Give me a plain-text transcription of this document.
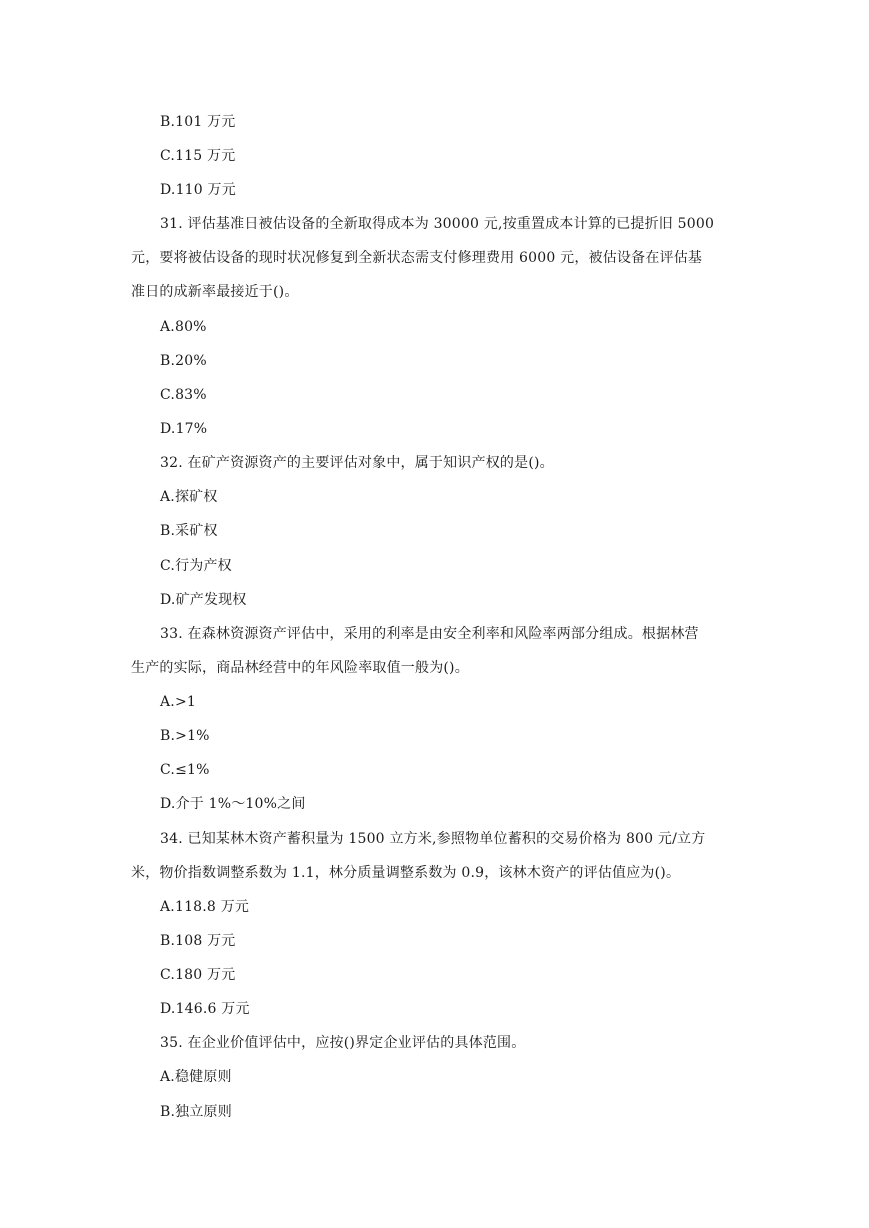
B.101 万元
C.115 万元
D.110 万元
31. 评估基准日被估设备的全新取得成本为 30000 元,按重置成本计算的已提折旧 5000
元，要将被估设备的现时状况修复到全新状态需支付修理费用 6000 元，被估设备在评估基
准日的成新率最接近于()。
A.80%
B.20%
C.83%
D.17%
32. 在矿产资源资产的主要评估对象中，属于知识产权的是()。
A.探矿权
B.采矿权
C.行为产权
D.矿产发现权
33. 在森林资源资产评估中，采用的利率是由安全利率和风险率两部分组成。根据林营
生产的实际，商品林经营中的年风险率取值一般为()。
A.>1
B.>1%
C.≤1%
D.介于 1%～10%之间
34. 已知某林木资产蓄积量为 1500 立方米,参照物单位蓄积的交易价格为 800 元/立方
米，物价指数调整系数为 1.1，林分质量调整系数为 0.9，该林木资产的评估值应为()。
A.118.8 万元
B.108 万元
C.180 万元
D.146.6 万元
35. 在企业价值评估中，应按()界定企业评估的具体范围。
A.稳健原则
B.独立原则
